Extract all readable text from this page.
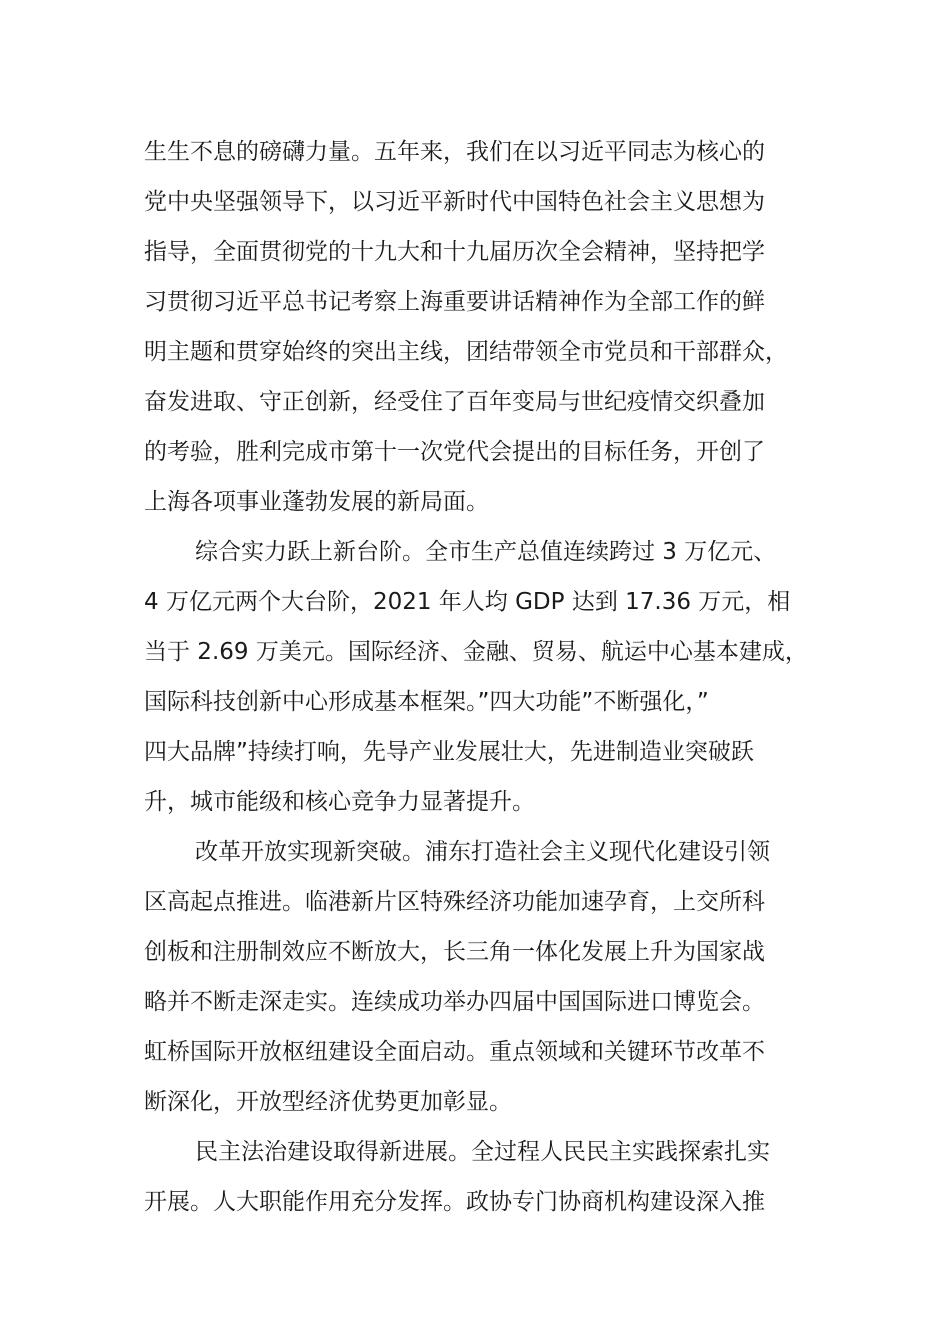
生生不息的磅礴力量。五年来，我们在以习近平同志为核心的
党中央坚强领导下，以习近平新时代中国特色社会主义思想为
指导，全面贯彻党的十九大和十九届历次全会精神，坚持把学
习贯彻习近平总书记考察上海重要讲话精神作为全部工作的鲜
明主题和贯穿始终的突出主线，团结带领全市党员和干部群众，
奋发进取、守正创新，经受住了百年变局与世纪疫情交织叠加
的考验，胜利完成市第十一次党代会提出的目标任务，开创了
上海各项事业蓬勃发展的新局面。
综合实力跃上新台阶。全市生产总值连续跨过 3 万亿元、
4 万亿元两个大台阶，2021 年人均 GDP 达到 17.36 万元，相
当于 2.69 万美元。国际经济、金融、贸易、航运中心基本建成，
国际科技创新中心形成基本框架。”四大功能”不断强化，”
四大品牌”持续打响，先导产业发展壮大，先进制造业突破跃
升，城市能级和核心竞争力显著提升。
改革开放实现新突破。浦东打造社会主义现代化建设引领
区高起点推进。临港新片区特殊经济功能加速孕育，上交所科
创板和注册制效应不断放大，长三角一体化发展上升为国家战
略并不断走深走实。连续成功举办四届中国国际进口博览会。
虹桥国际开放枢纽建设全面启动。重点领域和关键环节改革不
断深化，开放型经济优势更加彰显。
民主法治建设取得新进展。全过程人民民主实践探索扎实
开展。人大职能作用充分发挥。政协专门协商机构建设深入推
